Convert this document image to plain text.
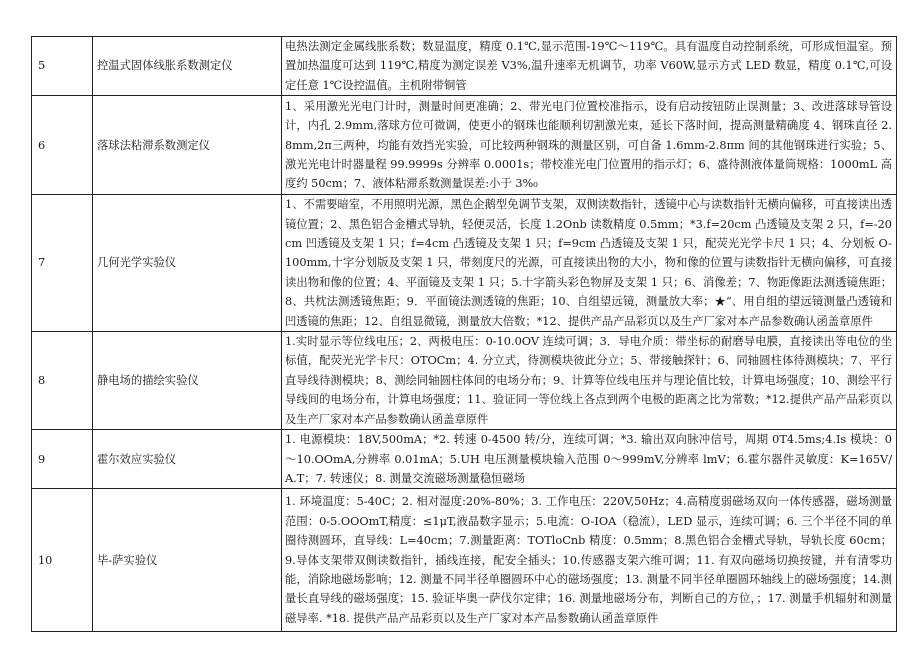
5	控温式固体线胀系数测定仪	电热法测定金属线胀系数；数显温度，精度 0.1℃,显示范围-19℃～119℃。具有温度自动控制系统，可形成恒温室。预置加热温度可达到 119℃,精度为测定误差 V3%,温升速率无机调节，功率 V60W,显示方式 LED 数显，精度 0.1℃,可设定任意 1℃设控温值。主机附带铜管
6	落球法粘滞系数测定仪	1、采用激光光电门计时，测量时间更准确；2、带光电门位置校准指示，设有启动按钮防止误测量；3、改进落球导管设计，内孔 2.9mm,落球方位可微调，使更小的钢珠也能顺利切割激光束，延长下落时间，提高测量精确度 4、钢珠直径 2.8mm,2π三两种，均能有效挡光实验，可比较两种钢珠的测量区别，可自备 1.6mm-2.8πm 间的其他钢珠进行实验；5、激光光电计时器量程 99.9999s 分辨率 0.0001s；带校准光电门位置用的指示灯；6、盛待测液体量筒规格：1000mL 高度约 50cm；7、液体粘滞系数测量误差:小于 3%₀
7	几何光学实验仪	1、不需要暗室，不用照明光源，黑色企鹅型免调节支架，双侧读数指针，透镜中心与读数指针无横向偏移，可直接读出透镜位置；2、黑色铝合金槽式导轨，轻便灵活，长度 1.2Onb 读数精度 0.5mm；*3.f=20cm 凸透镜及支架 2 只，f=-20cm 凹透镜及支架 1 只；f=4cm 凸透镜及支架 1 只；f=9cm 凸透镜及支架 1 只，配荧光光学卡尺 1 只；4、分划板 O-100mm,十字分划版及支架 1 只，带刻度尺的光源，可直接读出物的大小，物和像的位置与读数指针无横向偏移，可直接读出物和像的位置；4、平面镜及支架 1 只；5.十字箭头彩色物屏及支架 1 只；6、消像差；7、物距像距法测透镜焦距；8、共枕法测透镜焦距；9．平面镜法测透镜的焦距；10、自组望远镜，测量放大率；★“、用自组的望远镜测量凸透镜和凹透镜的焦距；12、自组显微镜，测量放大倍数；*12、提供产品产品彩页以及生产厂家对本产品参数确认函盖章原件
8	静电场的描绘实验仪	1.实时显示等位线电压；2、两极电压：0-10.0OV 连续可调；3．导电介质：带坐标的耐磨导电膜，直接读出等电位的坐标值，配荧光光学卡尺：OTOCm；4. 分立式，待测模块彼此分立；5、带接触探针；6、同轴圆柱体待测模块；7、平行直导线待测模块；8、测绘同轴圆柱体间的电场分布；9、计算等位线电压并与理论值比较，计算电场强度；10、测绘平行导线间的电场分布，计算电场强度；11、验证同一等位线上各点到两个电极的距离之比为常数；*12.提供产品产品彩页以及生产厂家对本产品参数确认函盖章原件
9	霍尔效应实验仪	1. 电源模块：18V,500mA；*2. 转速 0-4500 转/分，连续可调；*3. 输出双向脉冲信号，周期 0T4.5ms;4.Is 模块：0～10.OOmA,分辨率 0.01mA；5.UH 电压测量模块输入范围 0～999mV,分辨率 lmV；6.霍尔器件灵敏度：K=165V/A.T；7. 转速仪；8. 测量交流磁场测量稳恒磁场
10	毕-萨实验仪	1. 环境温度：5-40C；2. 相对湿度:20%-80%；3. 工作电压：220V,50Hz；4.高精度弱磁场双向一体传感器，磁场测量范围：0-5.OOOmT,精度：≤1μT,液晶数字显示；5.电流：O-IOA（稳流），LED 显示，连续可调；6. 三个半径不同的单圈待测圆环，直导线：L=40cm；7.测量距离：TOTloCnb 精度：0.5mm；8.黑色铝合金槽式导轨，导轨长度 60cm；9.导体支架带双侧读数指针，插线连接，配安全插头；10.传感器支架六维可调；11. 有双向磁场切换按键，并有清零功能，消除地磁场影响；12. 测量不同半径单圈圆环中心的磁场强度；13. 测量不同半径单圈圆环轴线上的磁场强度；14.测量长直导线的磁场强度；15. 验证毕奥一萨伐尔定律；16. 测量地磁场分布，判断自己的方位，；17. 测量手机辐射和测量磁导率. *18. 提供产品产品彩页以及生产厂家对本产品参数确认函盖章原件
